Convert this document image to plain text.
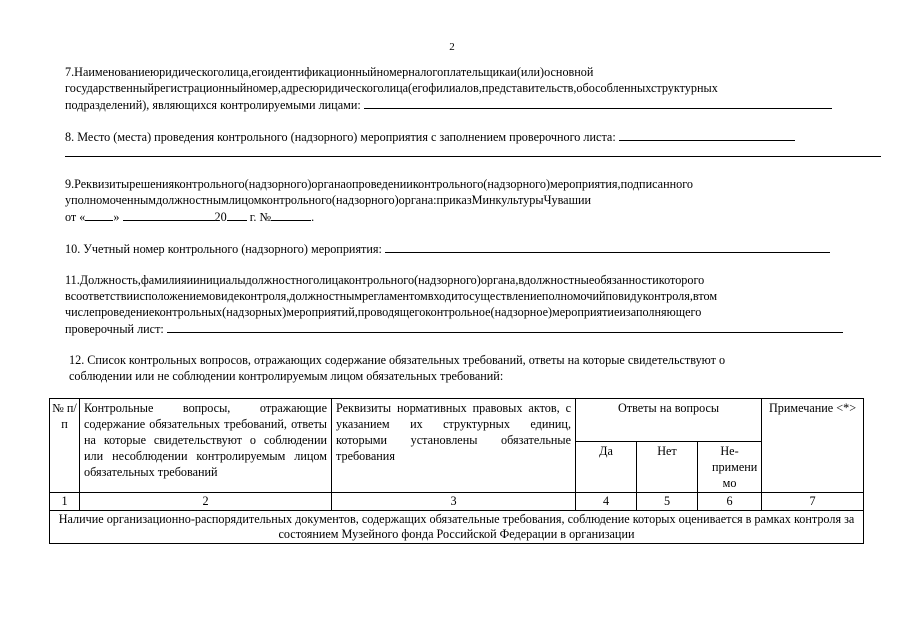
2
7.Наименованиеюридическоголица,егоидентификационныйномерналогоплательщикаи(или)основной
государственныйрегистрационныйномер,адресюридическоголица(егофилиалов,представительств,обособленныхструктурных
подразделений), являющихся контролируемыми лицами:
8. Место (места) проведения контрольного (надзорного) мероприятия с заполнением проверочного листа:
9.Реквизитырешенияконтрольного(надзорного)органаопроведенииконтрольного(надзорного)мероприятия,подписанного
уполномоченнымдолжностнымлицомконтрольного(надзорного)органа:приказМинкультурыЧувашии
от « »	20 г. №	.
10. Учетный номер контрольного (надзорного) мероприятия:
11.Должность,фамилияиинициалыдолжностноголицаконтрольного(надзорного)органа,вдолжностныеобязанностикоторого
всоответствиисположениемовидеконтроля,должностнымрегламентомвходитосуществлениеполномочийповидуконтроля,втом
числепроведениеконтрольных(надзорных)мероприятий,проводящегоконтрольное(надзорное)мероприятиеизаполняющего
проверочный лист:
12. Список контрольных вопросов, отражающих содержание обязательных требований, ответы на которые свидетельствуют о
соблюдении или не соблюдении контролируемым лицом обязательных требований:
№ п/п	Контрольные вопросы, отражающие содержание обязательных требований, ответы на которые свидетельствуют о соблюдении или несоблюдении контролируемым лицом обязательных требований	Реквизиты нормативных правовых актов, с указанием их структурных единиц, которыми установлены обязательные требования	Ответы на вопросы			Примечание <*>
			Да	Нет	Не-примени мо	
1	2	3	4	5	6	7
Наличие организационно-распорядительных документов, содержащих обязательные требования, соблюдение которых оценивается в рамках контроля за состоянием Музейного фонда Российской Федерации в организации						
